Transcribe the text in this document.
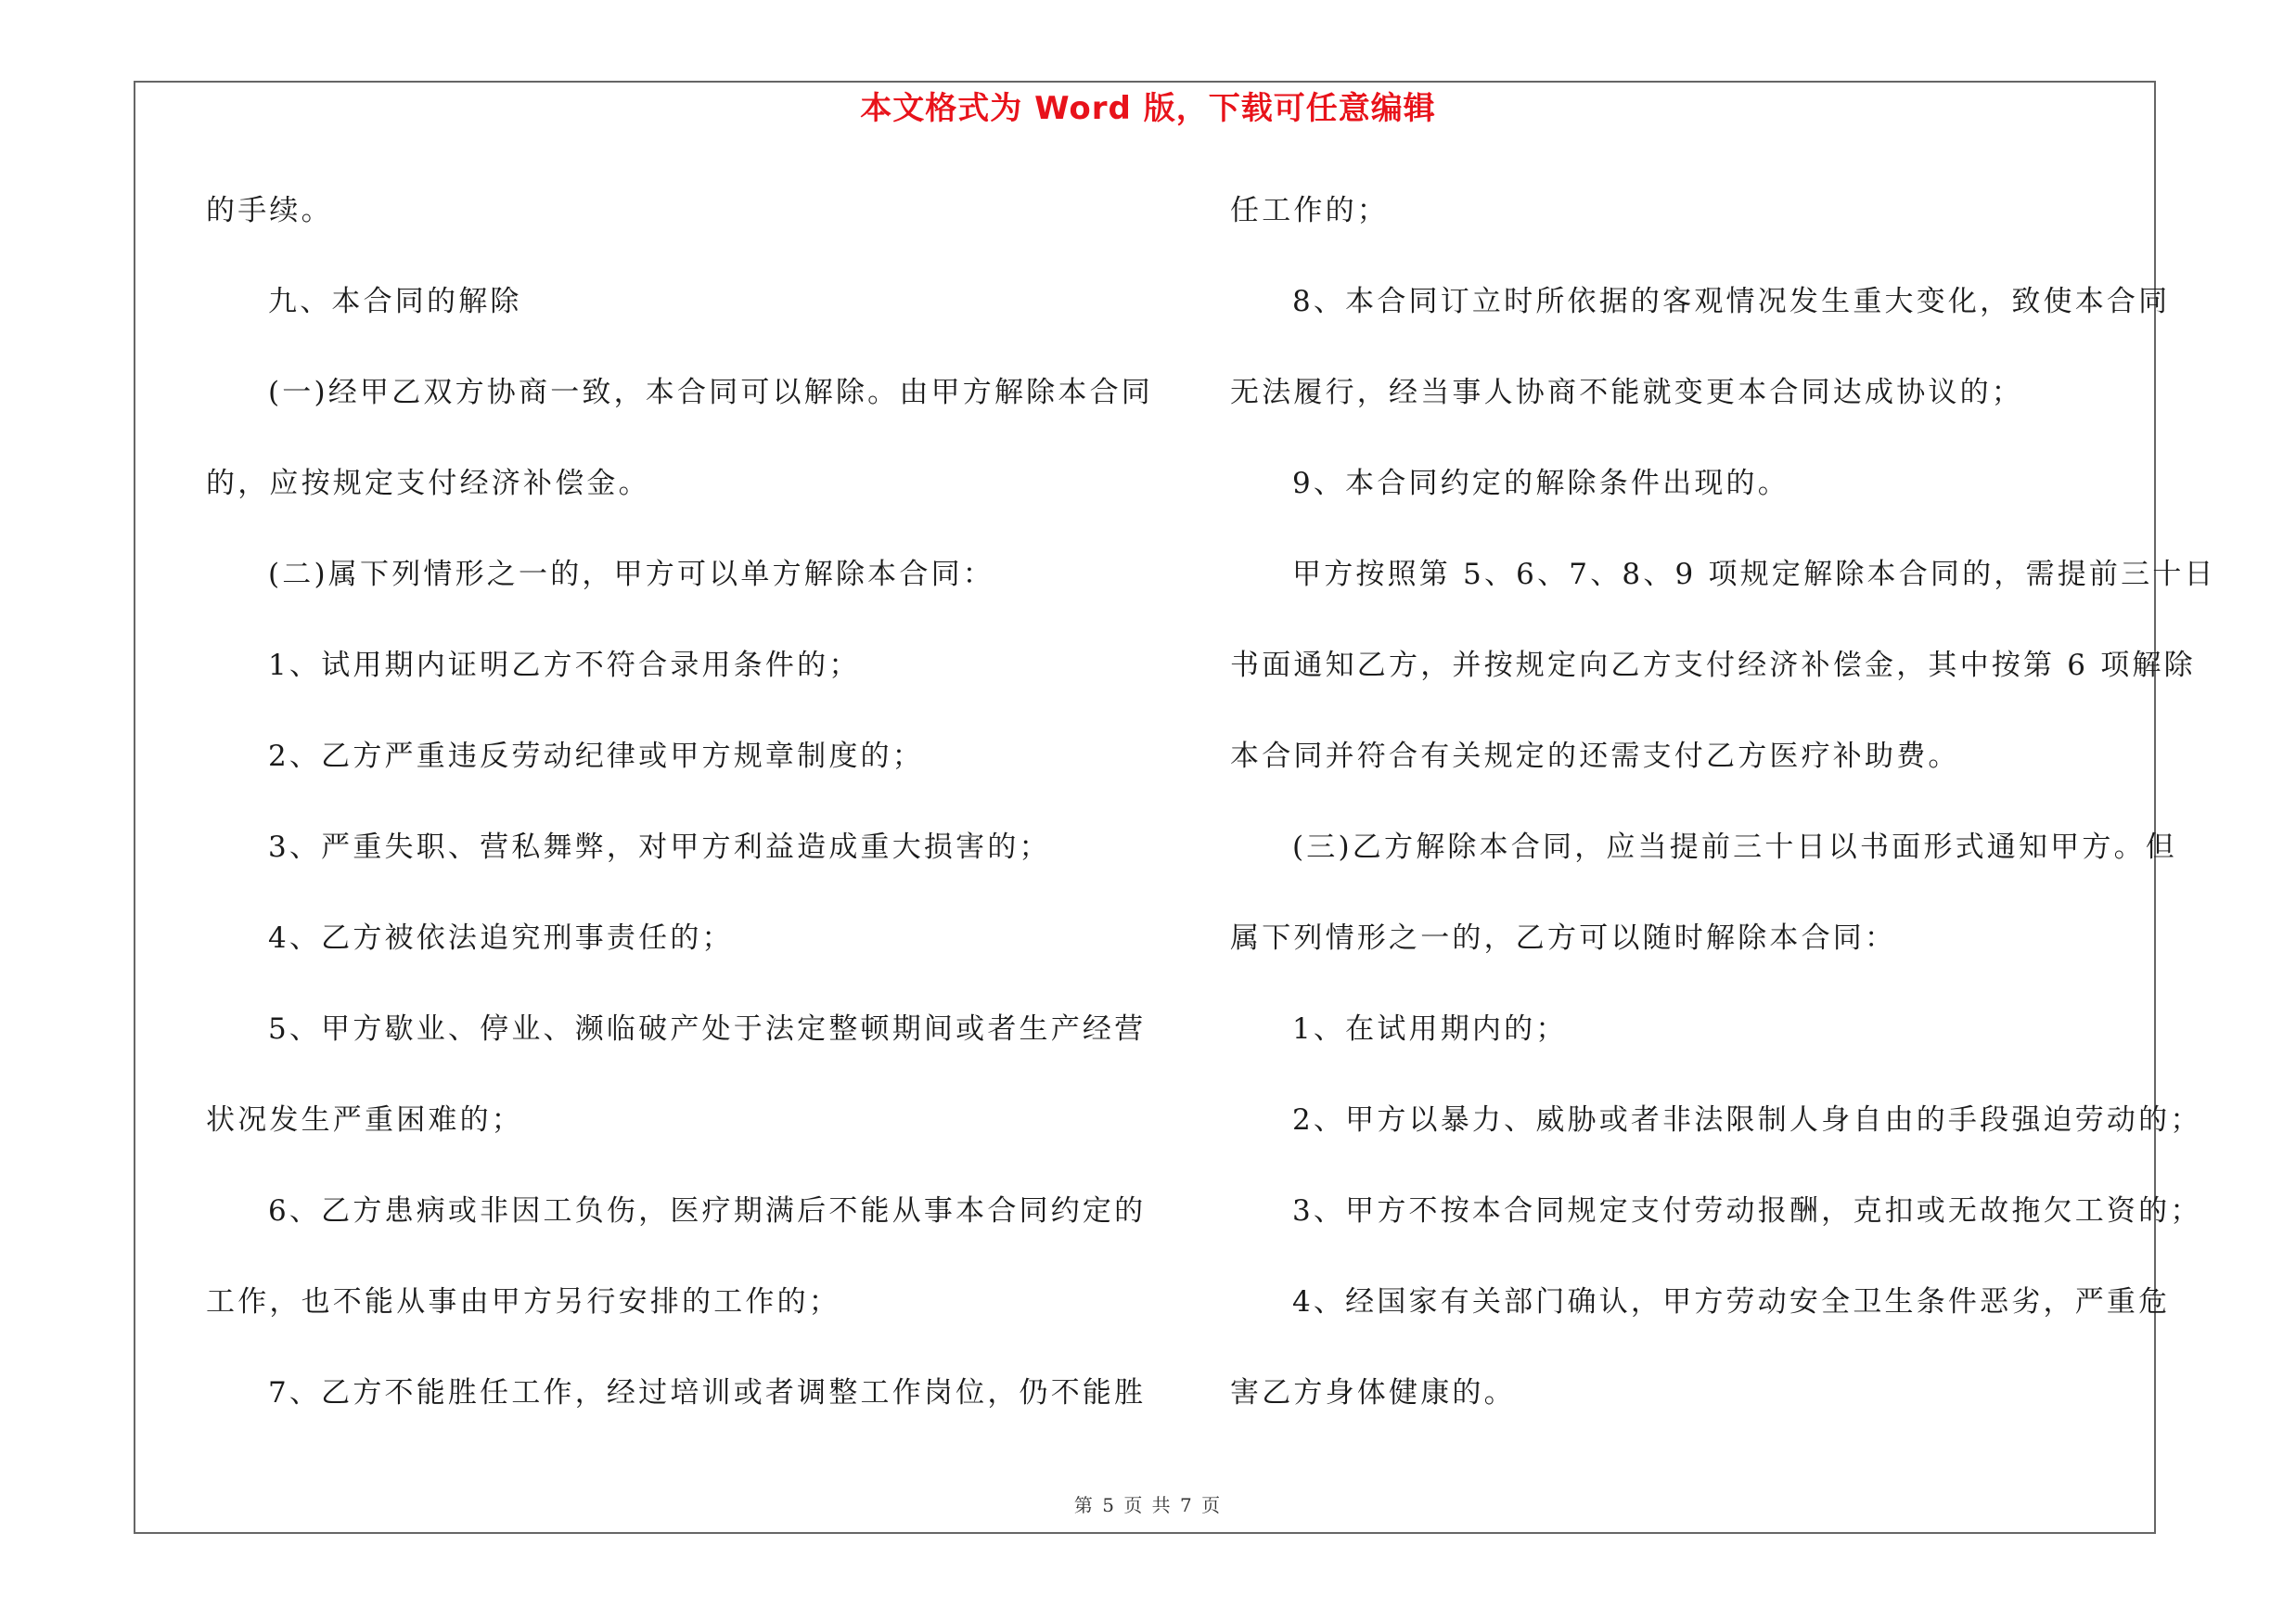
本文格式为 Word 版，下载可任意编辑
的手续。
九、本合同的解除
(一)经甲乙双方协商一致，本合同可以解除。由甲方解除本合同
的，应按规定支付经济补偿金。
(二)属下列情形之一的，甲方可以单方解除本合同：
1、试用期内证明乙方不符合录用条件的；
2、乙方严重违反劳动纪律或甲方规章制度的；
3、严重失职、营私舞弊，对甲方利益造成重大损害的；
4、乙方被依法追究刑事责任的；
5、甲方歇业、停业、濒临破产处于法定整顿期间或者生产经营
状况发生严重困难的；
6、乙方患病或非因工负伤，医疗期满后不能从事本合同约定的
工作，也不能从事由甲方另行安排的工作的；
7、乙方不能胜任工作，经过培训或者调整工作岗位，仍不能胜
任工作的；
8、本合同订立时所依据的客观情况发生重大变化，致使本合同
无法履行，经当事人协商不能就变更本合同达成协议的；
9、本合同约定的解除条件出现的。
甲方按照第 5、6、7、8、9 项规定解除本合同的，需提前三十日
书面通知乙方，并按规定向乙方支付经济补偿金，其中按第 6 项解除
本合同并符合有关规定的还需支付乙方医疗补助费。
(三)乙方解除本合同，应当提前三十日以书面形式通知甲方。但
属下列情形之一的，乙方可以随时解除本合同：
1、在试用期内的；
2、甲方以暴力、威胁或者非法限制人身自由的手段强迫劳动的；
3、甲方不按本合同规定支付劳动报酬，克扣或无故拖欠工资的；
4、经国家有关部门确认，甲方劳动安全卫生条件恶劣，严重危
害乙方身体健康的。
第 5 页 共 7 页
